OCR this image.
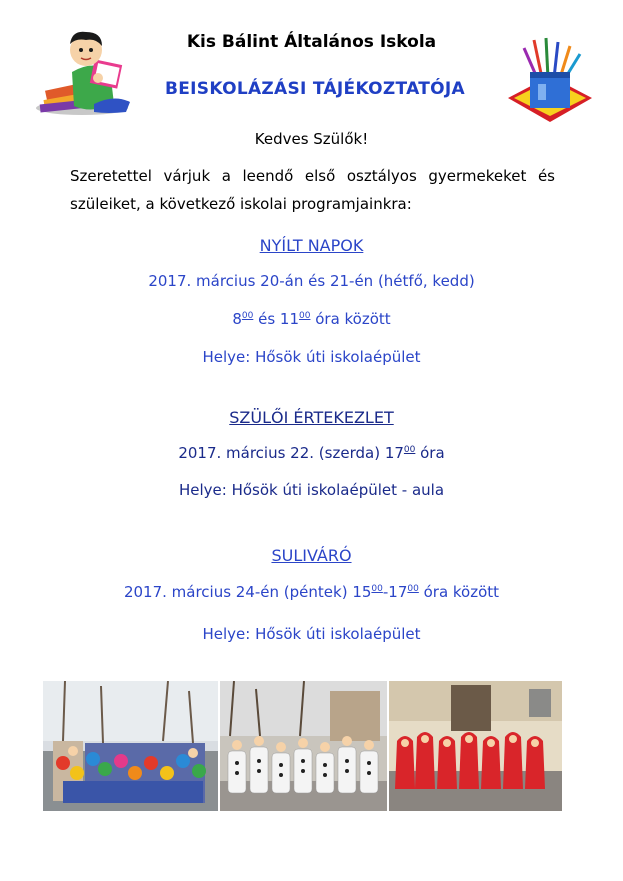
Kis Bálint Általános Iskola
BEISKOLÁZÁSI TÁJÉKOZTATÓJA
Kedves Szülők!
Szeretettel várjuk a leendő első osztályos gyermekeket és szüleiket, a következő iskolai programjainkra:
NYÍLT NAPOK
2017. március 20-án és 21-én (hétfő, kedd)
$8^{00}$ és $11^{00}$ óra között
Helye: Hősök úti iskolaépület
SZÜLŐI ÉRTEKEZLET
2017. március 22. (szerda) $17^{00}$ óra
Helye: Hősök úti iskolaépület - aula
SULIVÁRÓ
2017. március 24-én (péntek) $15^{00}-17^{00}$ óra között
Helye: Hősök úti iskolaépület
